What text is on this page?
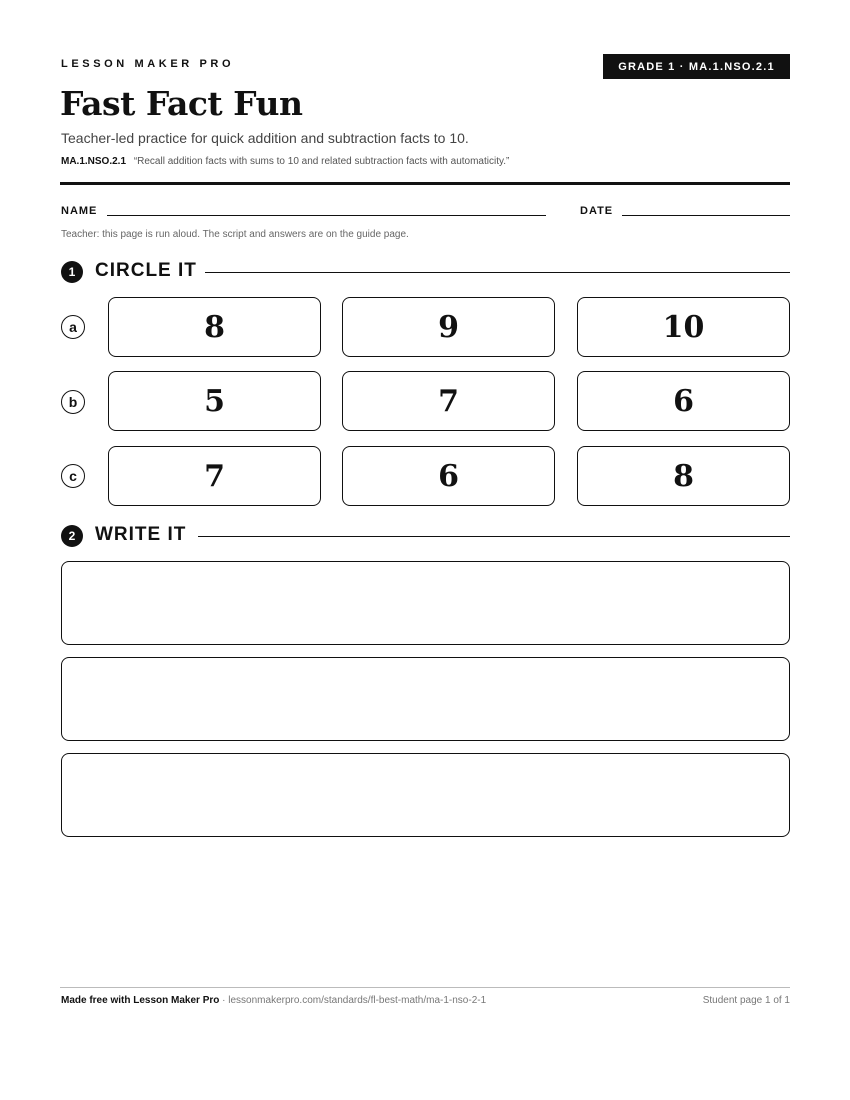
LESSON MAKER PRO	GRADE 1 · MA.1.NSO.2.1
Fast Fact Fun
Teacher-led practice for quick addition and subtraction facts to 10.
MA.1.NSO.2.1 “Recall addition facts with sums to 10 and related subtraction facts with automaticity.”
NAME	DATE
Teacher: this page is run aloud. The script and answers are on the guide page.
1	CIRCLE IT
a	8	9	10
b	5	7	6
c	7	6	8
2	WRITE IT
Made free with Lesson Maker Pro · lessonmakerpro.com/standards/fl-best-math/ma-1-nso-2-1	Student page 1 of 1
